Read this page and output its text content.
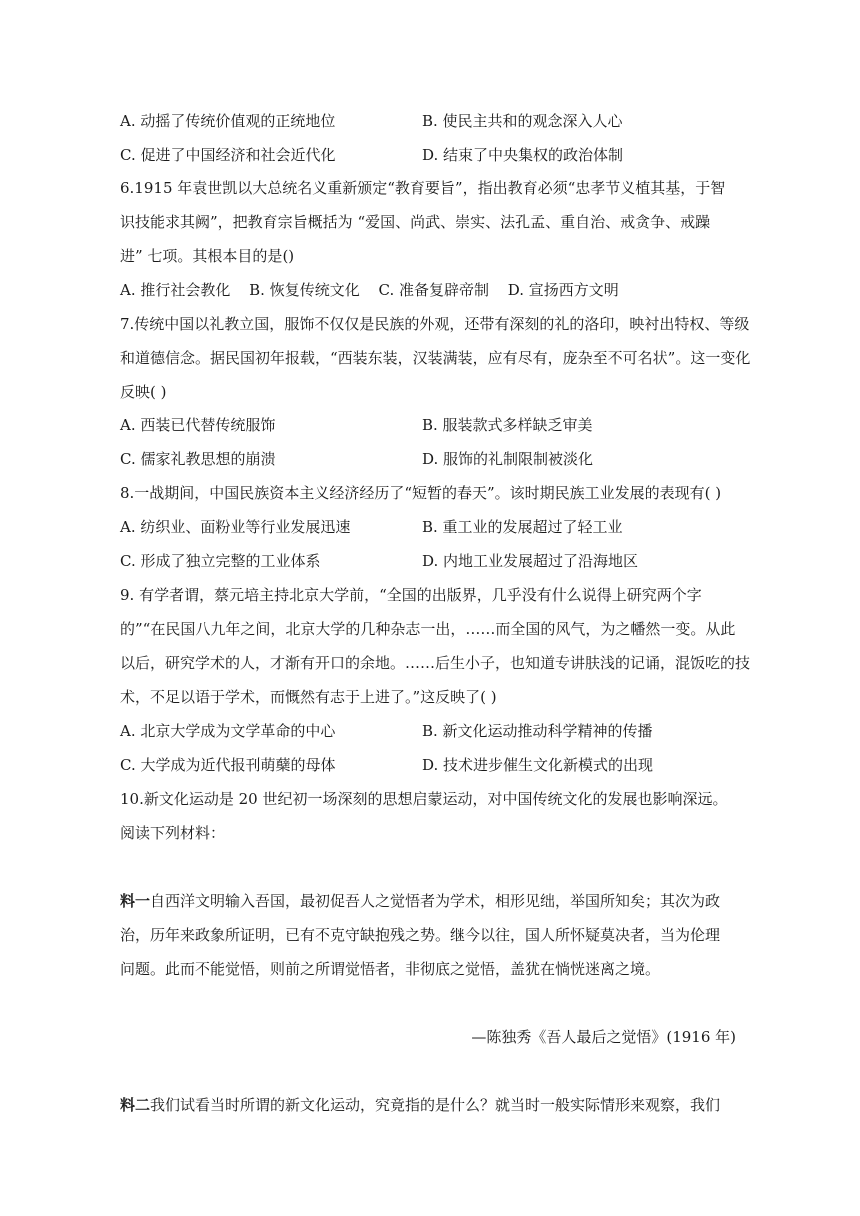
A. 动摇了传统价值观的正统地位	B. 使民主共和的观念深入人心
C. 促进了中国经济和社会近代化	D. 结束了中央集权的政治体制
6.1915 年袁世凯以大总统名义重新颁定“教育要旨”，指出教育必须“忠孝节义植其基，于智
识技能求其阙”，把教育宗旨概括为 “爱国、尚武、崇实、法孔孟、重自治、戒贪争、戒躁
进” 七项。其根本目的是()
A. 推行社会教化 B. 恢复传统文化 C. 准备复辟帝制 D. 宣扬西方文明
7.传统中国以礼教立国，服饰不仅仅是民族的外观，还带有深刻的礼的洛印，映衬出特权、等级
和道德信念。据民国初年报载，“西装东装，汉装满装，应有尽有，庞杂至不可名状”。这一变化
反映( )
A. 西装已代替传统服饰	B. 服装款式多样缺乏审美
C. 儒家礼教思想的崩溃	D. 服饰的礼制限制被淡化
8.一战期间，中国民族资本主义经济经历了“短暂的春天”。该时期民族工业发展的表现有( )
A. 纺织业、面粉业等行业发展迅速	B. 重工业的发展超过了轻工业
C. 形成了独立完整的工业体系	D. 内地工业发展超过了沿海地区
9. 有学者谓，蔡元培主持北京大学前，“全国的出版界，几乎没有什么说得上研究两个字
的”“在民国八九年之间，北京大学的几种杂志一出，……而全国的风气，为之幡然一变。从此
以后，研究学术的人，才渐有开口的余地。……后生小子，也知道专讲肤浅的记诵，混饭吃的技
术，不足以语于学术，而慨然有志于上进了。”这反映了( )
A. 北京大学成为文学革命的中心	B. 新文化运动推动科学精神的传播
C. 大学成为近代报刊萌蘖的母体	D. 技术进步催生文化新模式的出现
10.新文化运动是 20 世纪初一场深刻的思想启蒙运动，对中国传统文化的发展也影响深远。
阅读下列材料：
料一自西洋文明输入吾国，最初促吾人之觉悟者为学术，相形见绌，举国所知矣；其次为政
治，历年来政象所证明，已有不克守缺抱残之势。继今以往，国人所怀疑莫决者，当为伦理
问题。此而不能觉悟，则前之所谓觉悟者，非彻底之觉悟，盖犹在惝恍迷离之境。
—陈独秀《吾人最后之觉悟》(1916 年)
料二我们试看当时所谓的新文化运动，究竟指的是什么？就当时一般实际情形来观察，我们
